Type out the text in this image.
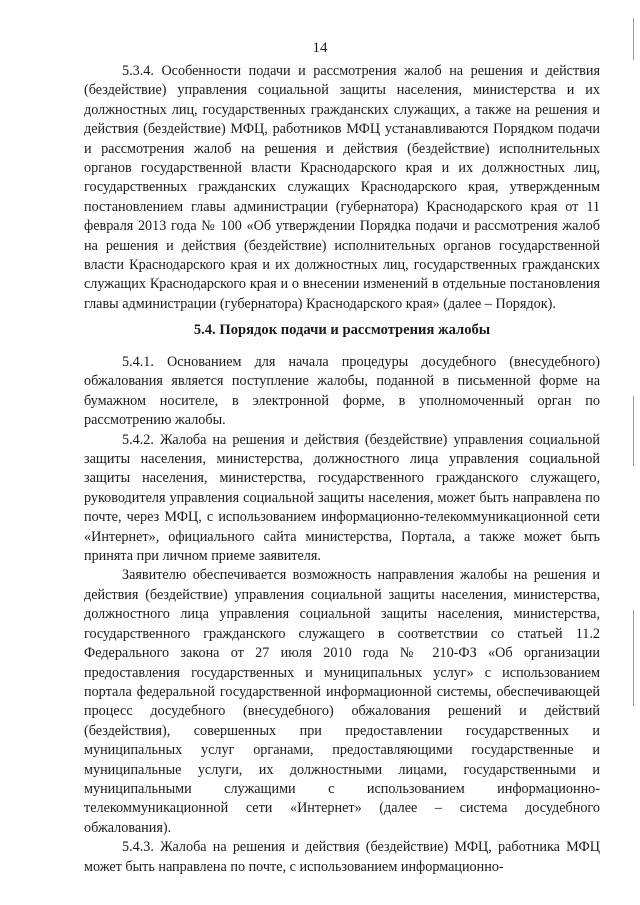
14

5.3.4. Особенности подачи и рассмотрения жалоб на решения и действия (бездействие) управления социальной защиты населения, министерства и их должностных лиц, государственных гражданских служащих, а также на решения и действия (бездействие) МФЦ, работников МФЦ устанавливаются Порядком подачи и рассмотрения жалоб на решения и действия (бездействие) исполнительных органов государственной власти Краснодарского края и их должностных лиц, государственных гражданских служащих Краснодарского края, утвержденным постановлением главы администрации (губернатора) Краснодарского края от 11 февраля 2013 года № 100 «Об утверждении Порядка подачи и рассмотрения жалоб на решения и действия (бездействие) исполнительных органов государственной власти Краснодарского края и их должностных лиц, государственных гражданских служащих Краснодарского края и о внесении изменений в отдельные постановления главы администрации (губернатора) Краснодарского края» (далее – Порядок).

5.4. Порядок подачи и рассмотрения жалобы

5.4.1. Основанием для начала процедуры досудебного (внесудебного) обжалования является поступление жалобы, поданной в письменной форме на бумажном носителе, в электронной форме, в уполномоченный орган по рассмотрению жалобы.

5.4.2. Жалоба на решения и действия (бездействие) управления социальной защиты населения, министерства, должностного лица управления социальной защиты населения, министерства, государственного гражданского служащего, руководителя управления социальной защиты населения, может быть направлена по почте, через МФЦ, с использованием информационно-телекоммуникационной сети «Интернет», официального сайта министерства, Портала, а также может быть принята при личном приеме заявителя.

Заявителю обеспечивается возможность направления жалобы на решения и действия (бездействие) управления социальной защиты населения, министерства, должностного лица управления социальной защиты населения, министерства, государственного гражданского служащего в соответствии со статьей 11.2 Федерального закона от 27 июля 2010 года № 210-ФЗ «Об организации предоставления государственных и муниципальных услуг» с использованием портала федеральной государственной информационной системы, обеспечивающей процесс досудебного (внесудебного) обжалования решений и действий (бездействия), совершенных при предоставлении государственных и муниципальных услуг органами, предоставляющими государственные и муниципальные услуги, их должностными лицами, государственными и муниципальными служащими с использованием информационно-телекоммуникационной сети «Интернет» (далее – система досудебного обжалования).

5.4.3. Жалоба на решения и действия (бездействие) МФЦ, работника МФЦ может быть направлена по почте, с использованием информационно-
